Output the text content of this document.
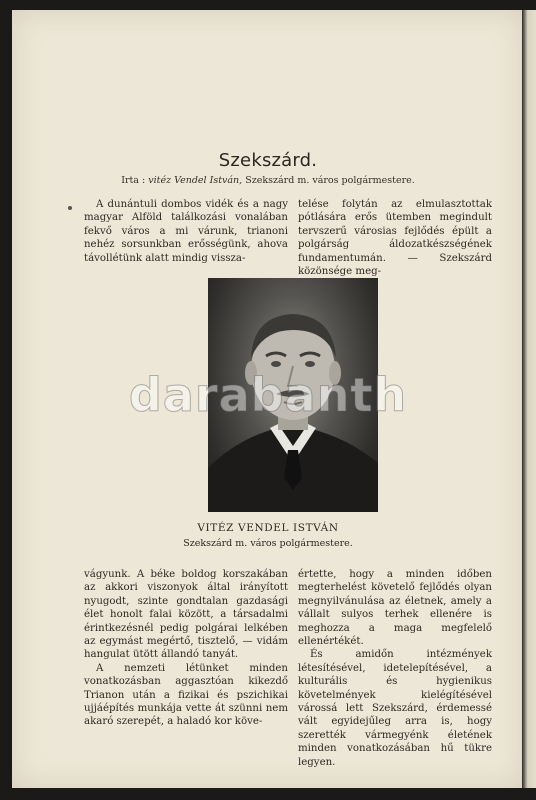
Szekszárd.
Irta : vitéz Vendel István, Szekszárd m. város polgármestere.

A dunántuli dombos vidék és a nagy magyar Alföld találkozási vonalában fekvő város a mi várunk, trianoni nehéz sorsunkban erősségünk, ahova távollétünk alatt mindig vissza-

telése folytán az elmulasztottak pótlására erős ütemben megindult tervszerű városias fejlődés épült a polgárság áldozatkészségének fundamentumán. — Szekszárd közönsége meg-

darabanth
VITÉZ VENDEL ISTVÁN
Szekszárd m. város polgármestere.

vágyunk. A béke boldog korszakában az akkori viszonyok által irányított nyugodt, szinte gondtalan gazdasági élet honolt falai között, a társadalmi érintkezésnél pedig polgárai lelkében az egymást megértő, tisztelő, — vidám hangulat ütött állandó tanyát.

A nemzeti létünket minden vonatkozásban aggasztóan kikezdő Trianon után a fizikai és pszichikai ujjáépítés munkája vette át szünni nem akaró szerepét, a haladó kor köve-

értette, hogy a minden időben megterhelést követelő fejlődés olyan megnyilvánulása az életnek, amely a vállalt sulyos terhek ellenére is meghozza a maga megfelelő ellenértékét.

És amidőn intézmények létesítésével, idetelepítésével, a kulturális és hygienikus követelmények kielégítésével várossá lett Szekszárd, érdemessé vált egyidejűleg arra is, hogy szerették vármegyénk életének minden vonatkozásában hű tükre legyen.
